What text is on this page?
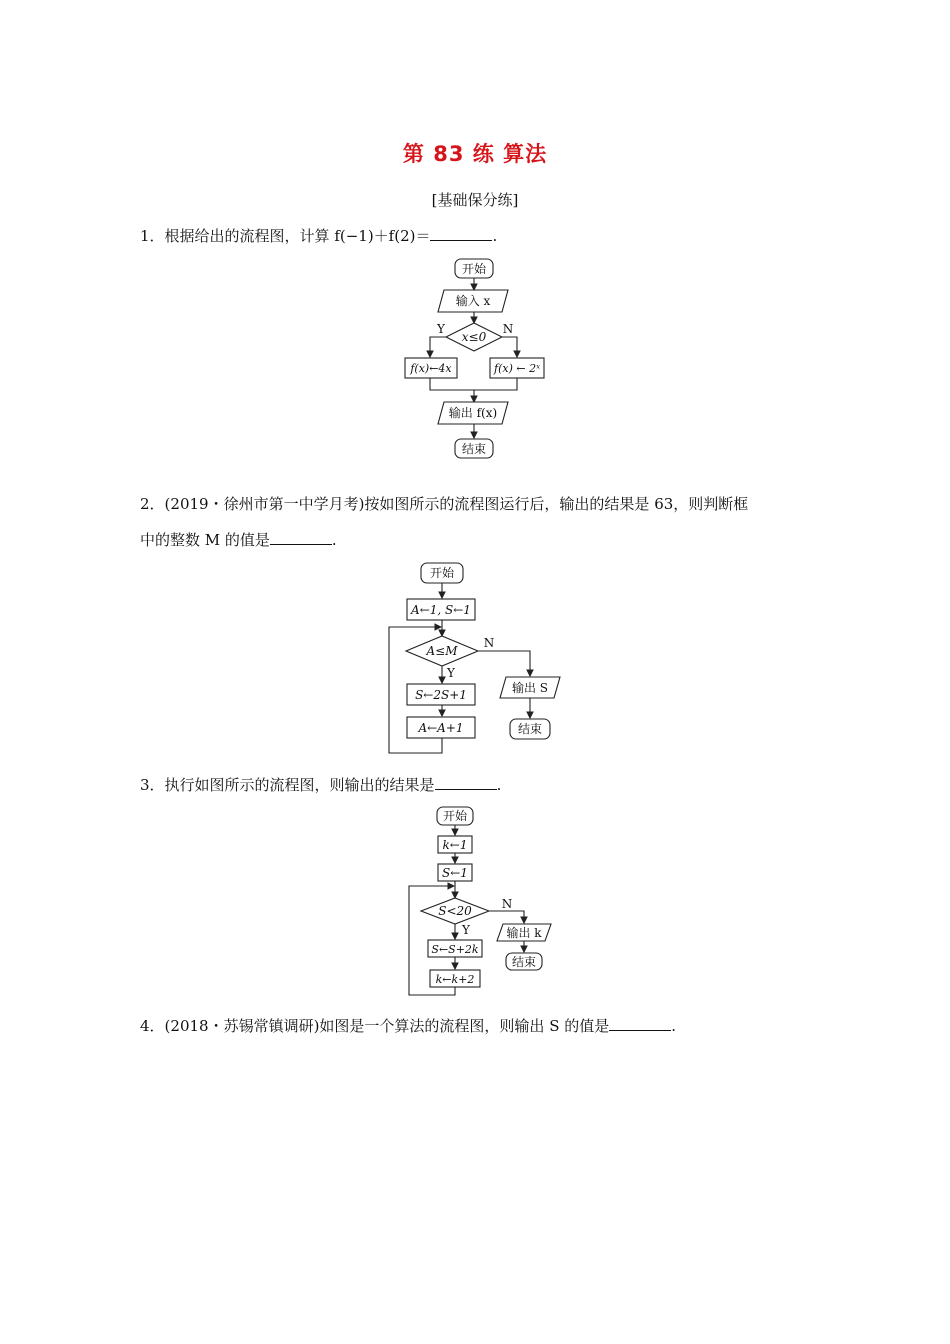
第 83 练 算法
[基础保分练]
1．根据给出的流程图，计算 f(−1)＋f(2)＝	.
开始
输入 x
x≤0
Y	N
f(x)←4x	f(x) ← 2ˣ
输出 f(x)
结束
2．(2019・徐州市第一中学月考)按如图所示的流程图运行后，输出的结果是 63，则判断框
中的整数 M 的值是	.
开始
A←1, S←1
A≤M
Y
N
S←2S+1
A←A+1
输出 S
结束
3．执行如图所示的流程图，则输出的结果是	.
开始
k←1
S←1
S<20
Y
N
S←S+2k
k←k+2
输出 k
结束
4．(2018・苏锡常镇调研)如图是一个算法的流程图，则输出 S 的值是	.
